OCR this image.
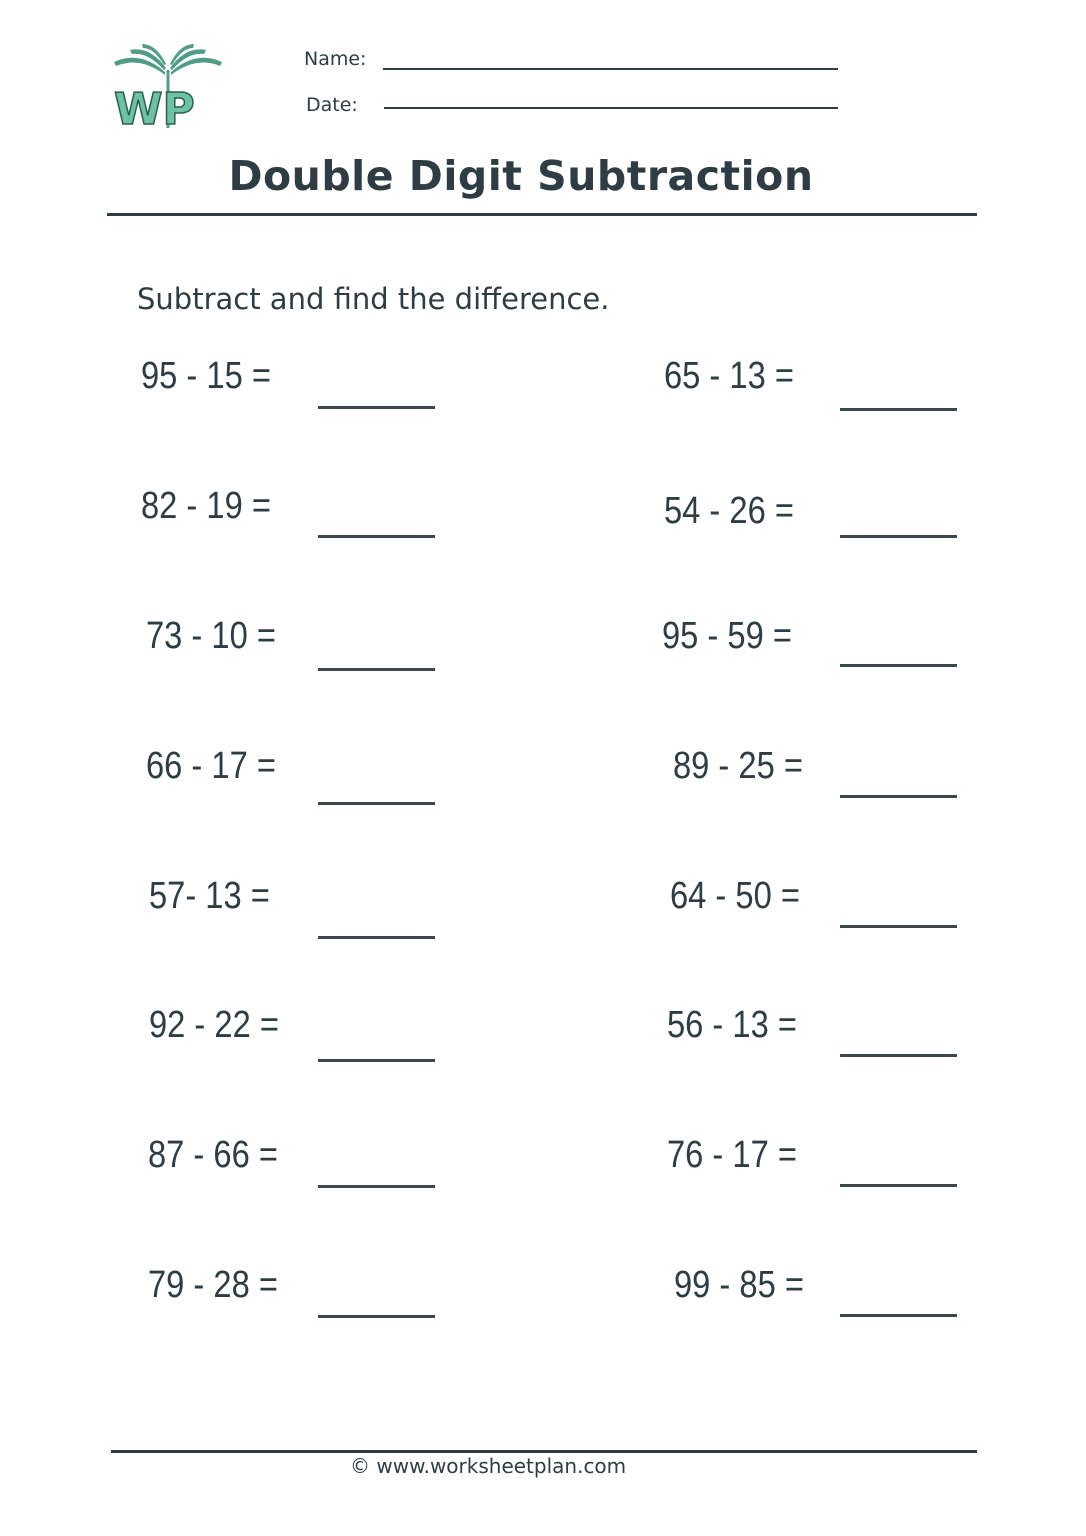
WP
Name:
Date:
Double Digit Subtraction
Subtract and find the difference.
95 - 15 =
82 - 19 =
73 - 10 =
66 - 17 =
57- 13 =
92 - 22 =
87 - 66 =
79 - 28 =
65 - 13 =
54 - 26 =
95 - 59 =
89 - 25 =
64 - 50 =
56 - 13 =
76 - 17 =
99 - 85 =
© www.worksheetplan.com
